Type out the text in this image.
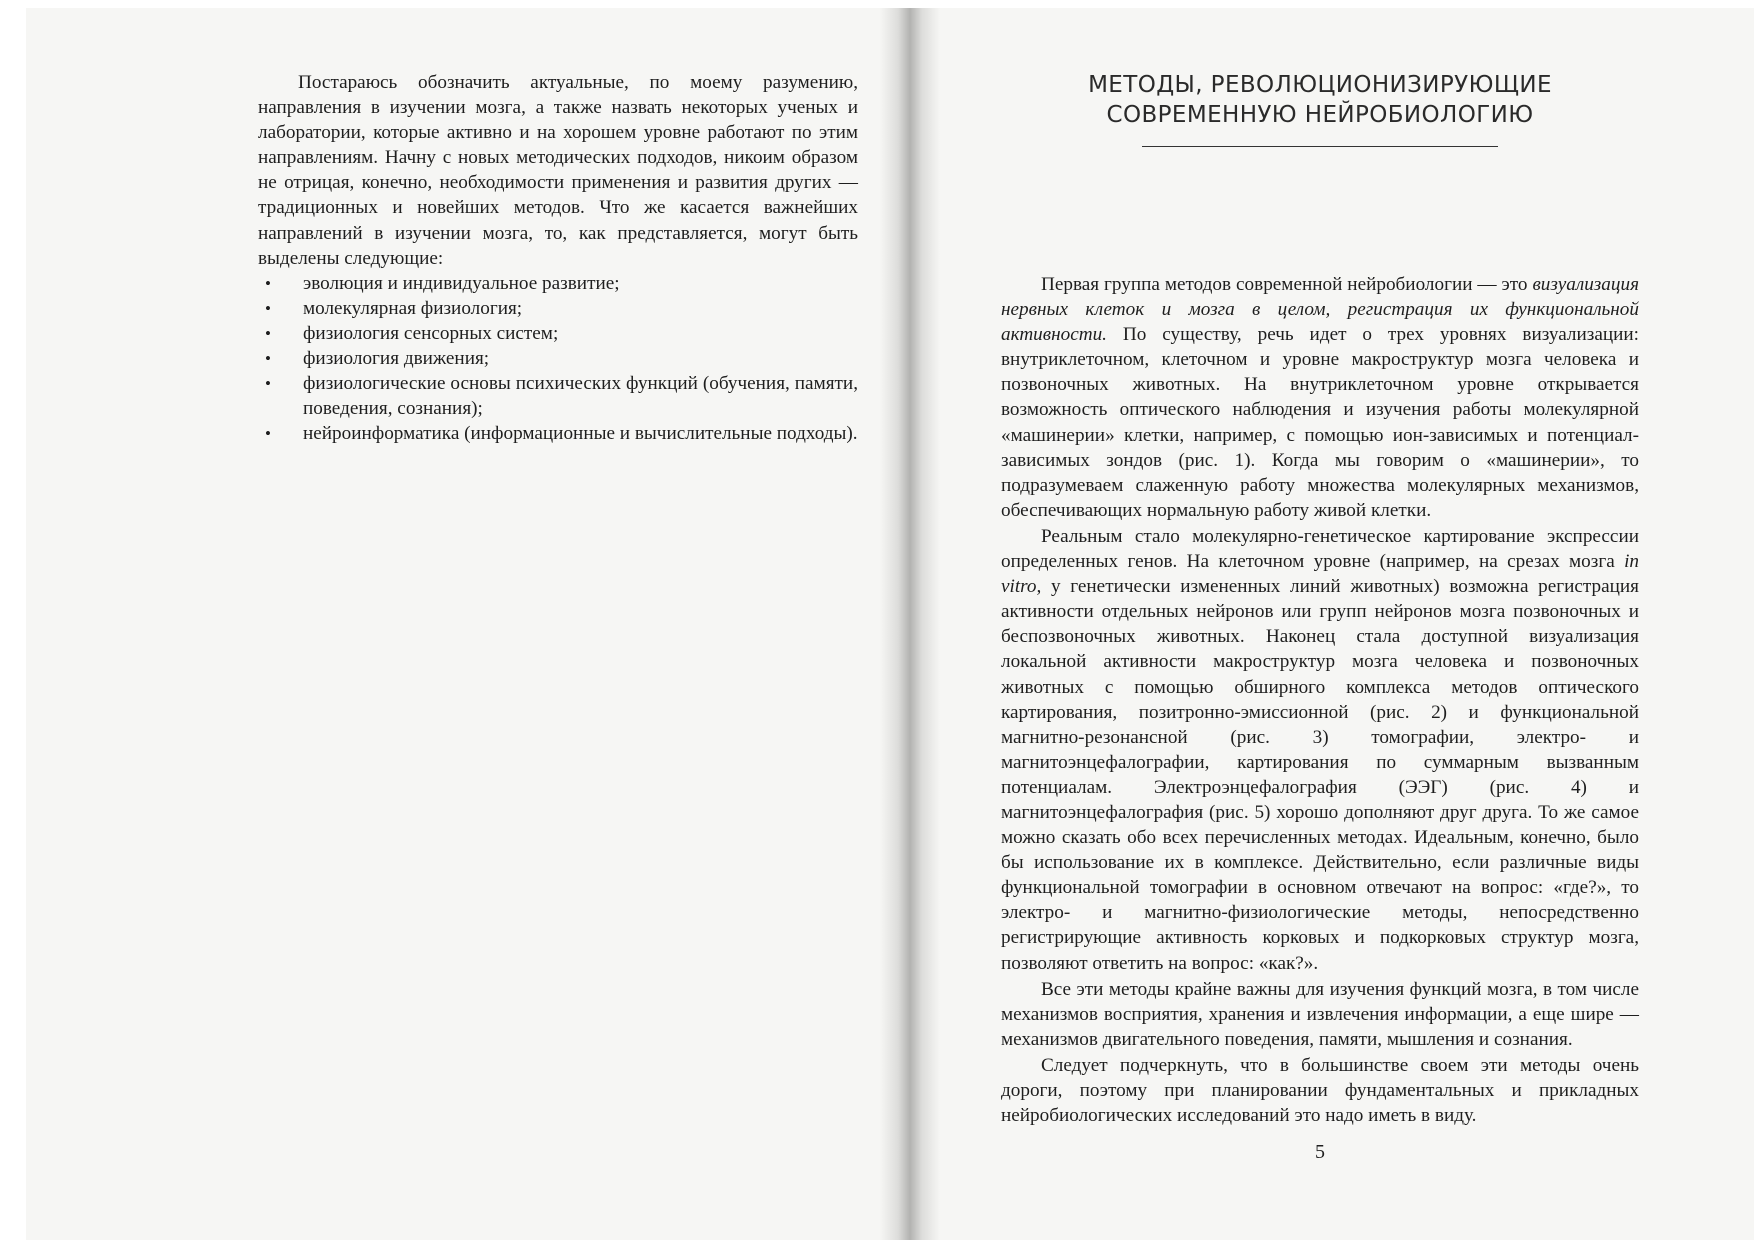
Постараюсь обозначить актуальные, по моему разумению, направления в изучении мозга, а также назвать некоторых ученых и лаборатории, которые активно и на хорошем уровне работают по этим направлениям. Начну с новых методических подходов, никоим образом не отрицая, конечно, необходимости применения и развития других — традиционных и новейших методов. Что же касается важнейших направлений в изучении мозга, то, как представляется, могут быть выделены следующие:

• эволюция и индивидуальное развитие;
• молекулярная физиология;
• физиология сенсорных систем;
• физиология движения;
• физиологические основы психических функций (обучения, памяти, поведения, сознания);
• нейроинформатика (информационные и вычислительные подходы).
МЕТОДЫ, РЕВОЛЮЦИОНИЗИРУЮЩИЕ
СОВРЕМЕННУЮ НЕЙРОБИОЛОГИЮ

Первая группа методов современной нейробиологии — это визуализация нервных клеток и мозга в целом, регистрация их функциональной активности. По существу, речь идет о трех уровнях визуализации: внутриклеточном, клеточном и уровне макроструктур мозга человека и позвоночных животных. На внутриклеточном уровне открывается возможность оптического наблюдения и изучения работы молекулярной «машинерии» клетки, например, с помощью ион-зависимых и потенциал-зависимых зондов (рис. 1). Когда мы говорим о «машинерии», то подразумеваем слаженную работу множества молекулярных механизмов, обеспечивающих нормальную работу живой клетки.

Реальным стало молекулярно-генетическое картирование экспрессии определенных генов. На клеточном уровне (например, на срезах мозга in vitro, у генетически измененных линий животных) возможна регистрация активности отдельных нейронов или групп нейронов мозга позвоночных и беспозвоночных животных. Наконец стала доступной визуализация локальной активности макроструктур мозга человека и позвоночных животных с помощью обширного комплекса методов оптического картирования, позитронно-эмиссионной (рис. 2) и функциональной магнитно-резонансной (рис. 3) томографии, электро- и магнитоэнцефалографии, картирования по суммарным вызванным потенциалам. Электроэнцефалография (ЭЭГ) (рис. 4) и магнитоэнцефалография (рис. 5) хорошо дополняют друг друга. То же самое можно сказать обо всех перечисленных методах. Идеальным, конечно, было бы использование их в комплексе. Действительно, если различные виды функциональной томографии в основном отвечают на вопрос: «где?», то электро- и магнитно-физиологические методы, непосредственно регистрирующие активность корковых и подкорковых структур мозга, позволяют ответить на вопрос: «как?».

Все эти методы крайне важны для изучения функций мозга, в том числе механизмов восприятия, хранения и извлечения информации, а еще шире — механизмов двигательного поведения, памяти, мышления и сознания.

Следует подчеркнуть, что в большинстве своем эти методы очень дороги, поэтому при планировании фундаментальных и прикладных нейробиологических исследований это надо иметь в виду.

5
